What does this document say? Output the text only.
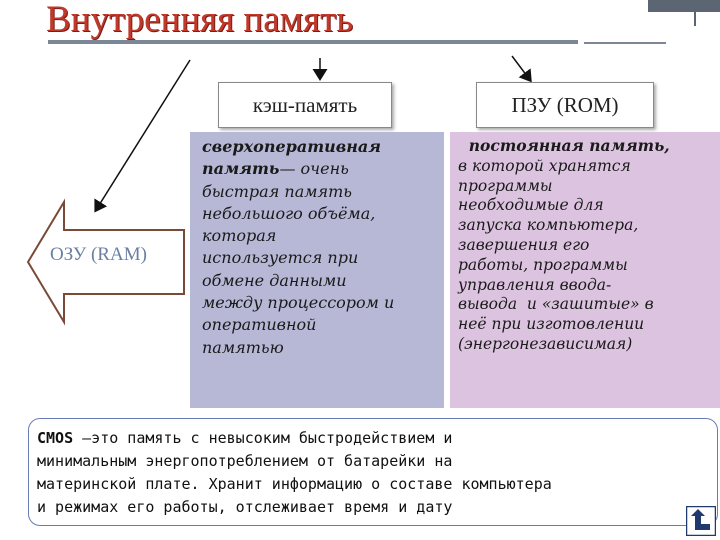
Внутренняя память
ОЗУ (RAM)
кэш-память	ПЗУ (ROM)
сверхоперативная
память— очень
быстрая память
небольшого объёма,
которая
используется при
обмене данными
между процессором и
оперативной
памятью
постоянная память,
в которой хранятся
программы
необходимые для
запуска компьютера,
завершения его
работы, программы
управления ввода-
вывода  и «зашитые» в
неё при изготовлении
(энергонезависимая)
CMOS –это память с невысоким быстродействием и
минимальным энергопотреблением от батарейки на
материнской плате. Хранит информацию о составе компьютера
и режимах его работы, отслеживает время и дату
